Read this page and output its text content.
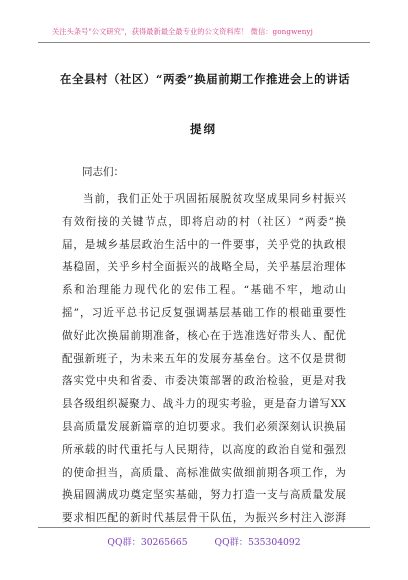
关注头条号"公文研究"，获得最新最全最专业的公文资料库！ 微信：gongwenyj
在全县村（社区）“两委”换届前期工作推进会上的讲话
提纲
同志们：
当前，我们正处于巩固拓展脱贫攻坚成果同乡村振兴
有效衔接的关键节点，即将启动的村（社区）“两委”换
届，是城乡基层政治生活中的一件要事，关乎党的执政根
基稳固，关乎乡村全面振兴的战略全局，关乎基层治理体
系和治理能力现代化的宏伟工程。“基础不牢，地动山
摇”，习近平总书记反复强调基层基础工作的根础重要性
做好此次换届前期准备，核心在于选准选好带头人、配优
配强新班子，为未来五年的发展夯基垒台。这不仅是贯彻
落实党中央和省委、市委决策部署的政治检验，更是对我
县各级组织凝聚力、战斗力的现实考验，更是奋力谱写XX
县高质量发展新篇章的迫切要求。我们必须深刻认识换届
所承载的时代重托与人民期待，以高度的政治自觉和强烈
的使命担当，高质量、高标准做实做细前期各项工作，为
换届圆满成功奠定坚实基础，努力打造一支与高质量发展
要求相匹配的新时代基层骨干队伍，为振兴乡村注入澎湃
QQ群：30265665	QQ群：535304092
